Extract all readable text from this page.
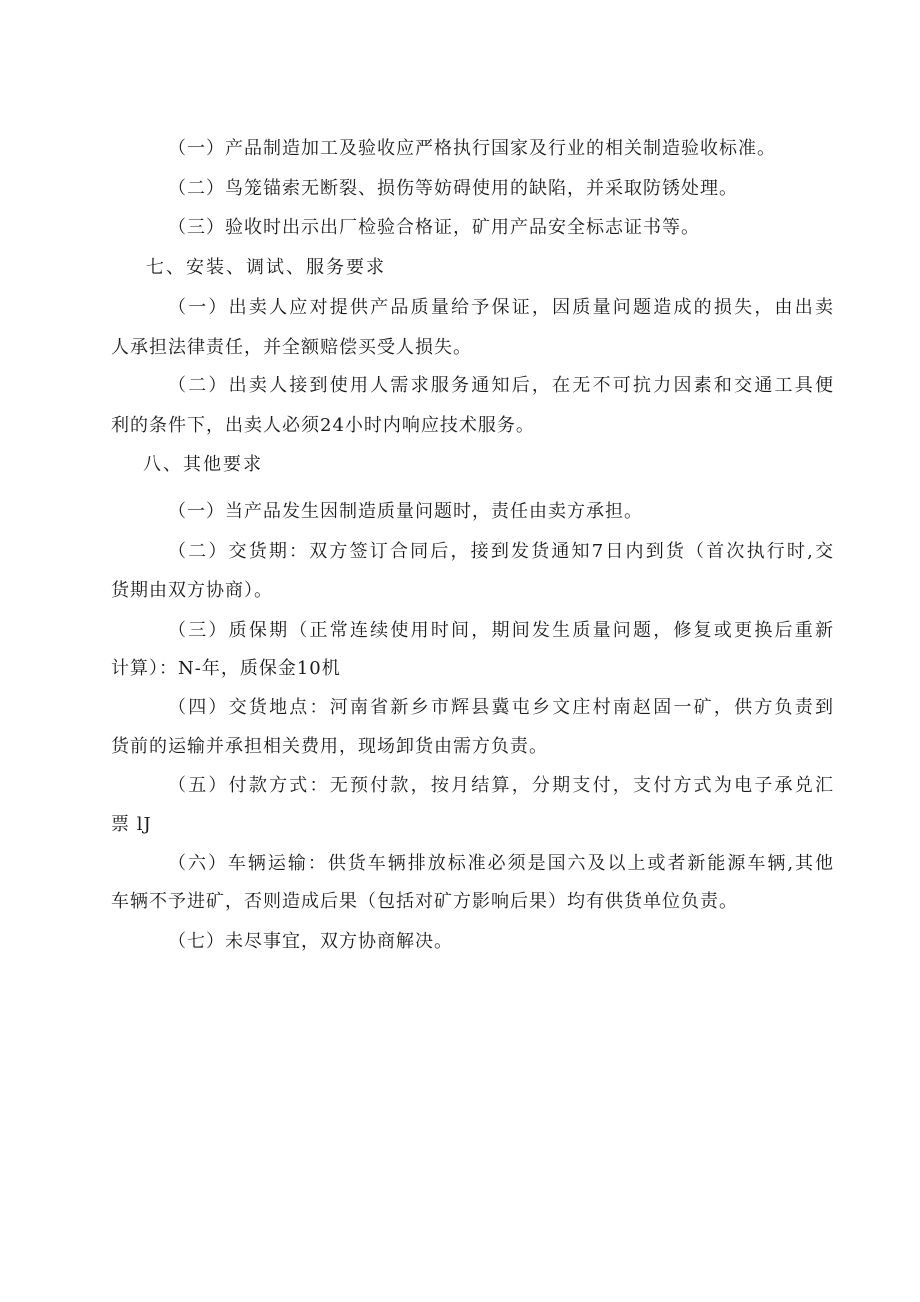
（一）产品制造加工及验收应严格执行国家及行业的相关制造验收标准。
（二）鸟笼锚索无断裂、损伤等妨碍使用的缺陷，并采取防锈处理。
（三）验收时出示出厂检验合格证，矿用产品安全标志证书等。
七、安装、调试、服务要求
（一）出卖人应对提供产品质量给予保证，因质量问题造成的损失，由出卖
人承担法律责任，并全额赔偿买受人损失。
（二）出卖人接到使用人需求服务通知后，在无不可抗力因素和交通工具便
利的条件下，出卖人必须24小时内响应技术服务。
八、其他要求
（一）当产品发生因制造质量问题时，责任由卖方承担。
（二）交货期：双方签订合同后，接到发货通知7日内到货（首次执行时,交
货期由双方协商）。
（三）质保期（正常连续使用时间，期间发生质量问题，修复或更换后重新
计算）：N-年，质保金10机
（四）交货地点：河南省新乡市辉县冀屯乡文庄村南赵固一矿，供方负责到
货前的运输并承担相关费用，现场卸货由需方负责。
（五）付款方式：无预付款，按月结算，分期支付，支付方式为电子承兑汇
票 lJ
（六）车辆运输：供货车辆排放标准必须是国六及以上或者新能源车辆,其他
车辆不予进矿，否则造成后果（包括对矿方影响后果）均有供货单位负责。
（七）未尽事宜，双方协商解决。
